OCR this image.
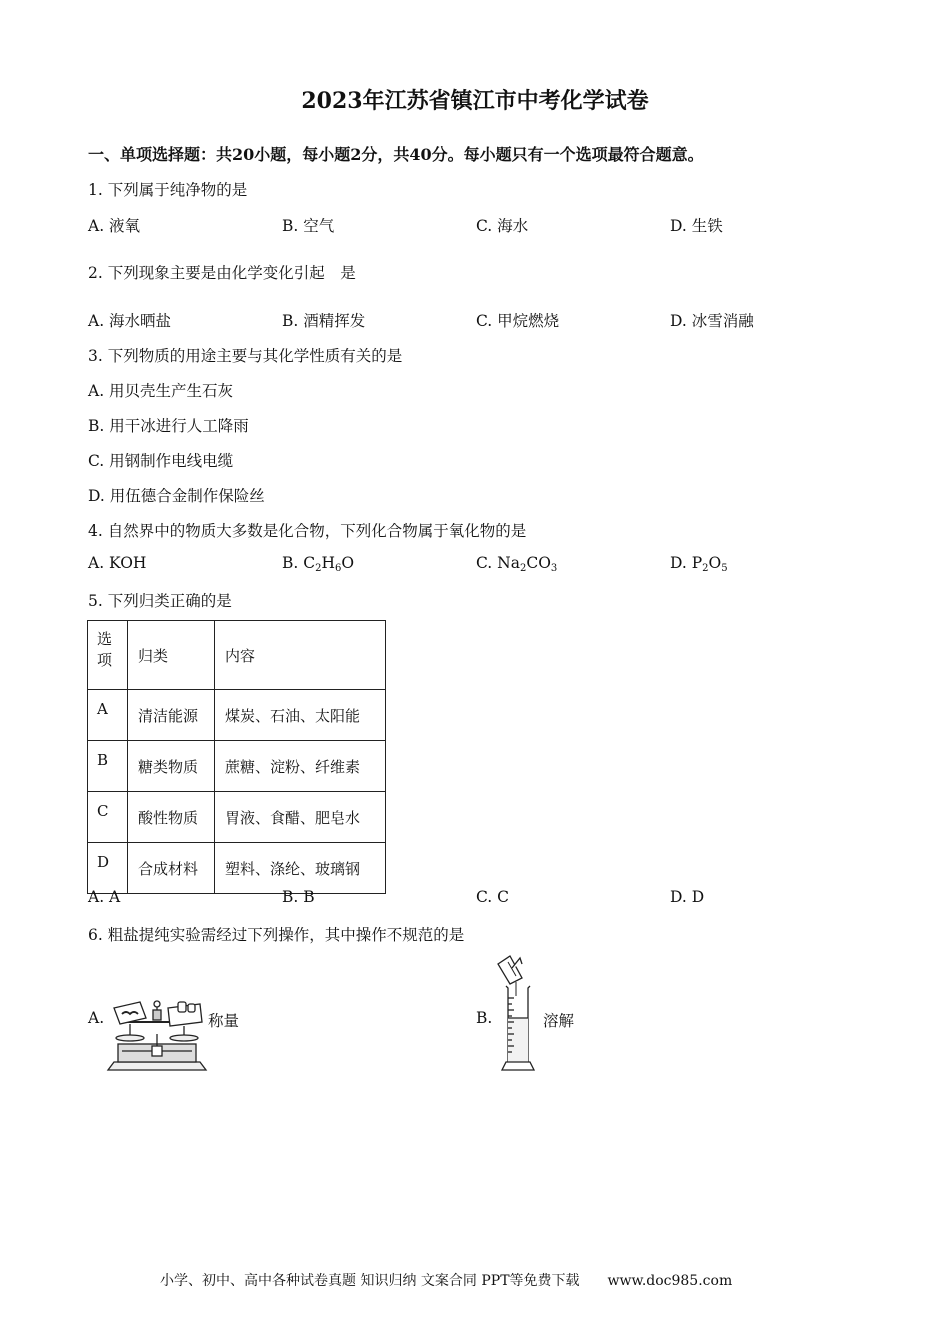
2023年江苏省镇江市中考化学试卷
一、单项选择题：共20小题，每小题2分，共40分。每小题只有一个选项最符合题意。
1. 下列属于纯净物的是
A. 液氧	B. 空气	C. 海水	D. 生铁
2. 下列现象主要是由化学变化引起　是
A. 海水晒盐	B. 酒精挥发	C. 甲烷燃烧	D. 冰雪消融
3. 下列物质的用途主要与其化学性质有关的是
A. 用贝壳生产生石灰
B. 用干冰进行人工降雨
C. 用钢制作电线电缆
D. 用伍德合金制作保险丝
4. 自然界中的物质大多数是化合物，下列化合物属于氧化物的是
A. KOH	B. $C_2H_6O$	C. $Na_2CO_3$	D. $P_2O_5$
5. 下列归类正确的是
选
项	归类	内容
A	清洁能源	煤炭、石油、太阳能
B	糖类物质	蔗糖、淀粉、纤维素
C	酸性物质	胃液、食醋、肥皂水
D	合成材料	塑料、涤纶、玻璃钢
A. A	B. B	C. C	D. D
6. 粗盐提纯实验需经过下列操作，其中操作不规范的是
A.	称量	B.	溶解
小学、初中、高中各种试卷真题 知识归纳 文案合同 PPT等免费下载　　www.doc985.com
